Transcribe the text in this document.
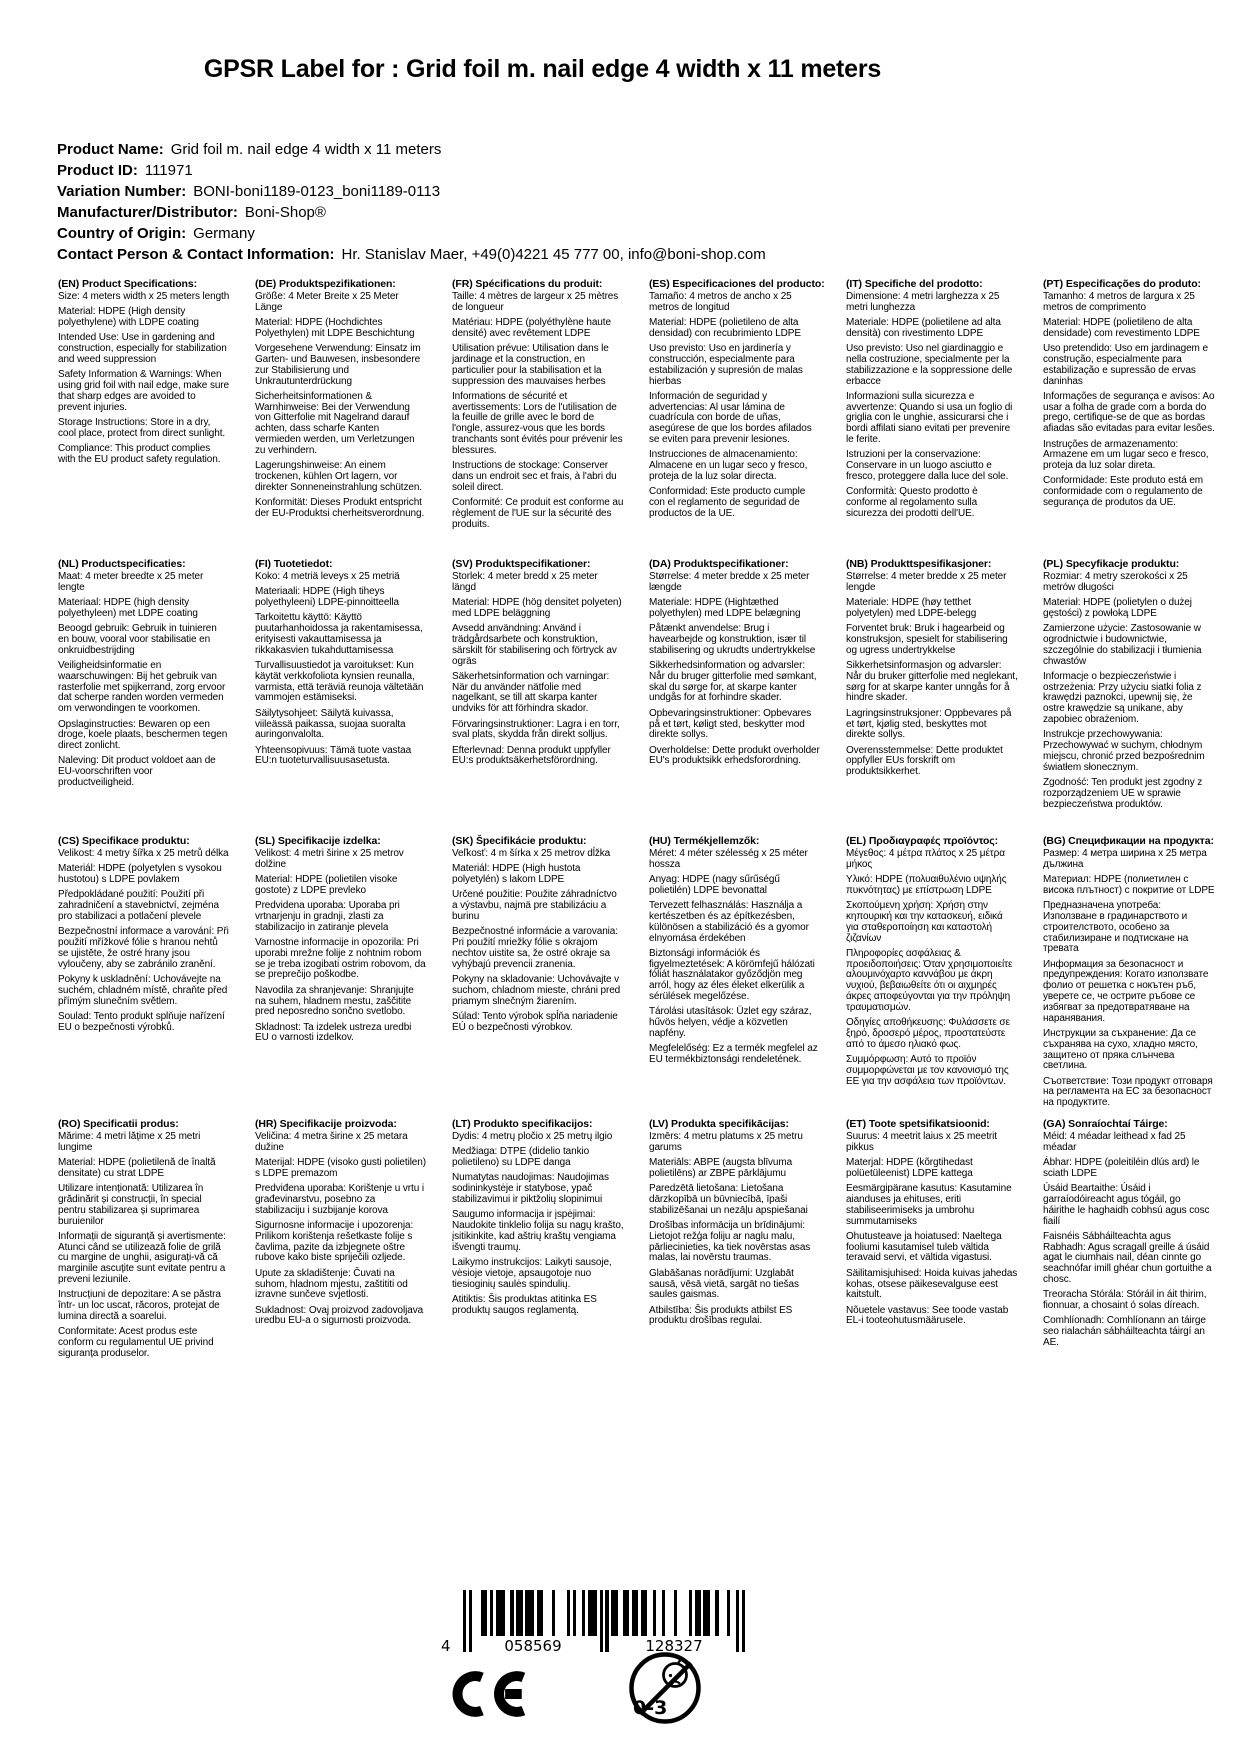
GPSR Label for : Grid foil m. nail edge 4 width x 11 meters
Product Name: Grid foil m. nail edge 4 width x 11 meters
Product ID: 111971
Variation Number: BONI-boni1189-0123_boni1189-0113
Manufacturer/Distributor: Boni-Shop®
Country of Origin: Germany
Contact Person & Contact Information: Hr. Stanislav Maer, +49(0)4221 45 777 00, info@boni-shop.com
(EN) Product Specifications:

Size: 4 meters width x 25 meters length

Material: HDPE (High density polyethylene) with LDPE coating

Intended Use: Use in gardening and construction, especially for stabilization and weed suppression

Safety Information & Warnings: When using grid foil with nail edge, make sure that sharp edges are avoided to prevent injuries.

Storage Instructions: Store in a dry, cool place, protect from direct sunlight.

Compliance: This product complies with the EU product safety regulation.

(DE) Produktspezifikationen:

Größe: 4 Meter Breite x 25 Meter Länge

Material: HDPE (Hochdichtes Polyethylen) mit LDPE Beschichtung

Vorgesehene Verwendung: Einsatz im Garten- und Bauwesen, insbesondere zur Stabilisierung und Unkrautunterdrückung

Sicherheitsinformationen & Warnhinweise: Bei der Verwendung von Gitterfolie mit Nagelrand darauf achten, dass scharfe Kanten vermieden werden, um Verletzungen zu verhindern.

Lagerungshinweise: An einem trockenen, kühlen Ort lagern, vor direkter Sonneneinstrahlung schützen.

Konformität: Dieses Produkt entspricht der EU-Produktsi cherheitsverordnung.

(FR) Spécifications du produit:

Taille: 4 mètres de largeur x 25 mètres de longueur

Matériau: HDPE (polyéthylène haute densité) avec revêtement LDPE

Utilisation prévue: Utilisation dans le jardinage et la construction, en particulier pour la stabilisation et la suppression des mauvaises herbes

Informations de sécurité et avertissements: Lors de l'utilisation de la feuille de grille avec le bord de l'ongle, assurez-vous que les bords tranchants sont évités pour prévenir les blessures.

Instructions de stockage: Conserver dans un endroit sec et frais, à l'abri du soleil direct.

Conformité: Ce produit est conforme au règlement de l'UE sur la sécurité des produits.

(ES) Especificaciones del producto:

Tamaño: 4 metros de ancho x 25 metros de longitud

Material: HDPE (polietileno de alta densidad) con recubrimiento LDPE

Uso previsto: Uso en jardinería y construcción, especialmente para estabilización y supresión de malas hierbas

Información de seguridad y advertencias: Al usar lámina de cuadrícula con borde de uñas, asegúrese de que los bordes afilados se eviten para prevenir lesiones.

Instrucciones de almacenamiento: Almacene en un lugar seco y fresco, proteja de la luz solar directa.

Conformidad: Este producto cumple con el reglamento de seguridad de productos de la UE.

(IT) Specifiche del prodotto:

Dimensione: 4 metri larghezza x 25 metri lunghezza

Materiale: HDPE (polietilene ad alta densità) con rivestimento LDPE

Uso previsto: Uso nel giardinaggio e nella costruzione, specialmente per la stabilizzazione e la soppressione delle erbacce

Informazioni sulla sicurezza e avvertenze: Quando si usa un foglio di griglia con le unghie, assicurarsi che i bordi affilati siano evitati per prevenire le ferite.

Istruzioni per la conservazione: Conservare in un luogo asciutto e fresco, proteggere dalla luce del sole.

Conformità: Questo prodotto è conforme al regolamento sulla sicurezza dei prodotti dell'UE.

(PT) Especificações do produto:

Tamanho: 4 metros de largura x 25 metros de comprimento

Material: HDPE (polietileno de alta densidade) com revestimento LDPE

Uso pretendido: Uso em jardinagem e construção, especialmente para estabilização e supressão de ervas daninhas

Informações de segurança e avisos: Ao usar a folha de grade com a borda do prego, certifique-se de que as bordas afiadas são evitadas para evitar lesões.

Instruções de armazenamento: Armazene em um lugar seco e fresco, proteja da luz solar direta.

Conformidade: Este produto está em conformidade com o regulamento de segurança de produtos da UE.

(NL) Productspecificaties:

Maat: 4 meter breedte x 25 meter lengte

Materiaal: HDPE (high density polyethyleen) met LDPE coating

Beoogd gebruik: Gebruik in tuinieren en bouw, vooral voor stabilisatie en onkruidbestrijding

Veiligheidsinformatie en waarschuwingen: Bij het gebruik van rasterfolie met spijkerrand, zorg ervoor dat scherpe randen worden vermeden om verwondingen te voorkomen.

Opslaginstructies: Bewaren op een droge, koele plaats, beschermen tegen direct zonlicht.

Naleving: Dit product voldoet aan de EU-voorschriften voor productveiligheid.

(FI) Tuotetiedot:

Koko: 4 metriä leveys x 25 metriä

Materiaali: HDPE (High tiheys polyethyleeni) LDPE-pinnoitteella

Tarkoitettu käyttö: Käyttö puutarhanhoidossa ja rakentamisessa, erityisesti vakauttamisessa ja rikkakasvien tukahduttamisessa

Turvallisuustiedot ja varoitukset: Kun käytät verkkofoliota kynsien reunalla, varmista, että teräviä reunoja vältetään vammojen estämiseksi.

Säilytysohjeet: Säilytä kuivassa, viileässä paikassa, suojaa suoralta auringonvalolta.

Yhteensopivuus: Tämä tuote vastaa EU:n tuoteturvallisuusasetusta.

(SV) Produktspecifikationer:

Storlek: 4 meter bredd x 25 meter längd

Material: HDPE (hög densitet polyeten) med LDPE beläggning

Avsedd användning: Använd i trädgårdsarbete och konstruktion, särskilt för stabilisering och förtryck av ogräs

Säkerhetsinformation och varningar: När du använder nätfolie med nagelkant, se till att skarpa kanter undviks för att förhindra skador.

Förvaringsinstruktioner: Lagra i en torr, sval plats, skydda från direkt solljus.

Efterlevnad: Denna produkt uppfyller EU:s produktsäkerhetsförordning.

(DA) Produktspecifikationer:

Størrelse: 4 meter bredde x 25 meter længde

Materiale: HDPE (Hightæthed polyethylen) med LDPE belægning

Påtænkt anvendelse: Brug i havearbejde og konstruktion, især til stabilisering og ukrudts undertrykkelse

Sikkerhedsinformation og advarsler: Når du bruger gitterfolie med sømkant, skal du sørge for, at skarpe kanter undgås for at forhindre skader.

Opbevaringsinstruktioner: Opbevares på et tørt, køligt sted, beskytter mod direkte sollys.

Overholdelse: Dette produkt overholder EU's produktsikk erhedsforordning.

(NB) Produkttspesifikasjoner:

Størrelse: 4 meter bredde x 25 meter lengde

Materiale: HDPE (høy tetthet polyetylen) med LDPE-belegg

Forventet bruk: Bruk i hagearbeid og konstruksjon, spesielt for stabilisering og ugress undertrykkelse

Sikkerhetsinformasjon og advarsler: Når du bruker gitterfolie med neglekant, sørg for at skarpe kanter unngås for å hindre skader.

Lagringsinstruksjoner: Oppbevares på et tørt, kjølig sted, beskyttes mot direkte sollys.

Overensstemmelse: Dette produktet oppfyller EUs forskrift om produktsikkerhet.

(PL) Specyfikacje produktu:

Rozmiar: 4 metry szerokości x 25 metrów długości

Materiał: HDPE (polietylen o dużej gęstości) z powłoką LDPE

Zamierzone użycie: Zastosowanie w ogrodnictwie i budownictwie, szczególnie do stabilizacji i tłumienia chwastów

Informacje o bezpieczeństwie i ostrzeżenia: Przy użyciu siatki folia z krawędzi paznokci, upewnij się, że ostre krawędzie są unikane, aby zapobiec obrażeniom.

Instrukcje przechowywania: Przechowywać w suchym, chłodnym miejscu, chronić przed bezpośrednim światłem słonecznym.

Zgodność: Ten produkt jest zgodny z rozporządzeniem UE w sprawie bezpieczeństwa produktów.

(CS) Specifikace produktu:

Velikost: 4 metry šířka x 25 metrů délka

Materiál: HDPE (polyetylen s vysokou hustotou) s LDPE povlakem

Předpokládané použití: Použití při zahradničení a stavebnictví, zejména pro stabilizaci a potlačení plevele

Bezpečnostní informace a varování: Při použití mřížkové fólie s hranou nehtů se ujistěte, že ostré hrany jsou vyloučeny, aby se zabránilo zranění.

Pokyny k uskladnění: Uchovávejte na suchém, chladném místě, chraňte před přímým slunečním světlem.

Soulad: Tento produkt splňuje nařízení EU o bezpečnosti výrobků.

(SL) Specifikacije izdelka:

Velikost: 4 metri širine x 25 metrov dolžine

Material: HDPE (polietilen visoke gostote) z LDPE prevleko

Predvidena uporaba: Uporaba pri vrtnarjenju in gradnji, zlasti za stabilizacijo in zatiranje plevela

Varnostne informacije in opozorila: Pri uporabi mrežne folije z nohtnim robom se je treba izogibati ostrim robovom, da se preprečijo poškodbe.

Navodila za shranjevanje: Shranjujte na suhem, hladnem mestu, zaščitite pred neposredno sončno svetlobo.

Skladnost: Ta izdelek ustreza uredbi EU o varnosti izdelkov.

(SK) Špecifikácie produktu:

Veľkosť: 4 m šírka x 25 metrov dĺžka

Materiál: HDPE (High hustota polyetylén) s lakom LDPE

Určené použitie: Použite záhradníctvo a výstavbu, najmä pre stabilizáciu a burinu

Bezpečnostné informácie a varovania: Pri použití mriežky fólie s okrajom nechtov uistite sa, že ostré okraje sa vyhýbajú prevencii zranenia.

Pokyny na skladovanie: Uchovávajte v suchom, chladnom mieste, chráni pred priamym slnečným žiarením.

Súlad: Tento výrobok spĺňa nariadenie EÚ o bezpečnosti výrobkov.

(HU) Termékjellemzők:

Méret: 4 méter szélesség x 25 méter hossza

Anyag: HDPE (nagy sűrűségű polietilén) LDPE bevonattal

Tervezett felhasználás: Használja a kertészetben és az építkezésben, különösen a stabilizáció és a gyomor elnyomása érdekében

Biztonsági információk és figyelmeztetések: A körömfejű hálózati fóliát használatakor győződjön meg arról, hogy az éles éleket elkerülik a sérülések megelőzése.

Tárolási utasítások: Üzlet egy száraz, hűvös helyen, védje a közvetlen napfény.

Megfelelőség: Ez a termék megfelel az EU termékbiztonsági rendeletének.

(EL) Προδιαγραφές προϊόντος:

Μέγεθος: 4 μέτρα πλάτος x 25 μέτρα μήκος

Υλικό: HDPE (πολυαιθυλένιο υψηλής πυκνότητας) με επίστρωση LDPE

Σκοπούμενη χρήση: Χρήση στην κηπουρική και την κατασκευή, ειδικά για σταθεροποίηση και καταστολή ζιζανίων

Πληροφορίες ασφάλειας & προειδοποιήσεις: Όταν χρησιμοποιείτε αλουμινόχαρτο καννάβου με άκρη νυχιού, βεβαιωθείτε ότι οι αιχμηρές άκρες αποφεύγονται για την πρόληψη τραυματισμών.

Οδηγίες αποθήκευσης: Φυλάσσετε σε ξηρό, δροσερό μέρος, προστατεύστε από το άμεσο ηλιακό φως.

Συμμόρφωση: Αυτό το προϊόν συμμορφώνεται με τον κανονισμό της ΕΕ για την ασφάλεια των προϊόντων.

(BG) Спецификации на продукта:

Размер: 4 метра ширина x 25 метра дължина

Материал: HDPE (полиетилен с висока плътност) с покритие от LDPE

Предназначена употреба: Използване в градинарството и строителството, особено за стабилизиране и подтискане на тревата

Информация за безопасност и предупреждения: Когато използвате фолио от решетка с нокътен ръб, уверете се, че острите ръбове се избягват за предотвратяване на наранявания.

Инструкции за съхранение: Да се съхранява на сухо, хладно място, защитено от пряка слънчева светлина.

Съответствие: Този продукт отговаря на регламента на ЕС за безопасност на продуктите.

(RO) Specificatii produs:

Mărime: 4 metri lățime x 25 metri lungime

Material: HDPE (polietilenă de înaltă densitate) cu strat LDPE

Utilizare intenționată: Utilizarea în grădinărit și construcții, în special pentru stabilizarea și suprimarea buruienilor

Informații de siguranță și avertismente: Atunci când se utilizează folie de grilă cu margine de unghii, asigurați-vă că marginile ascuțite sunt evitate pentru a preveni leziunile.

Instrucțiuni de depozitare: A se păstra într- un loc uscat, răcoros, protejat de lumina directă a soarelui.

Conformitate: Acest produs este conform cu regulamentul UE privind siguranța produselor.

(HR) Specifikacije proizvoda:

Veličina: 4 metra širine x 25 metara dužine

Materijal: HDPE (visoko gusti polietilen) s LDPE premazom

Predviđena uporaba: Korištenje u vrtu i građevinarstvu, posebno za stabilizaciju i suzbijanje korova

Sigurnosne informacije i upozorenja: Prilikom korištenja rešetkaste folije s čavlima, pazite da izbjegnete oštre rubove kako biste spriječili ozljede.

Upute za skladištenje: Čuvati na suhom, hladnom mjestu, zaštititi od izravne sunčeve svjetlosti.

Sukladnost: Ovaj proizvod zadovoljava uredbu EU-a o sigurnosti proizvoda.

(LT) Produkto specifikacijos:

Dydis: 4 metrų pločio x 25 metrų ilgio

Medžiaga: DTPE (didelio tankio polietileno) su LDPE danga

Numatytas naudojimas: Naudojimas sodininkystėje ir statybose, ypač stabilizavimui ir piktžolių slopinimui

Saugumo informacija ir įspėjimai: Naudokite tinklelio folija su nagų krašto, įsitikinkite, kad aštrių kraštų vengiama išvengti traumų.

Laikymo instrukcijos: Laikyti sausoje, vėsioje vietoje, apsaugotoje nuo tiesioginių saulės spindulių.

Atitiktis: Šis produktas atitinka ES produktų saugos reglamentą.

(LV) Produkta specifikācijas:

Izmērs: 4 metru platums x 25 metru garums

Materiāls: ABPE (augsta blīvuma polietilēns) ar ZBPE pārklājumu

Paredzētā lietošana: Lietošana dārzkopībā un būvniecībā, īpaši stabilizēšanai un nezāļu apspiešanai

Drošības informācija un brīdinājumi: Lietojot režģa foliju ar naglu malu, pārliecinieties, ka tiek novērstas asas malas, lai novērstu traumas.

Glabāšanas norādījumi: Uzglabāt sausā, vēsā vietā, sargāt no tiešas saules gaismas.

Atbilstība: Šis produkts atbilst ES produktu drošības regulai.

(ET) Toote spetsifikatsioonid:

Suurus: 4 meetrit laius x 25 meetrit pikkus

Materjal: HDPE (kõrgtihedast polüetüleenist) LDPE kattega

Eesmärgipärane kasutus: Kasutamine aianduses ja ehituses, eriti stabiliseerimiseks ja umbrohu summutamiseks

Ohutusteave ja hoiatused: Naeltega fooliumi kasutamisel tuleb vältida teravaid servi, et vältida vigastusi.

Säilitamisjuhised: Hoida kuivas jahedas kohas, otsese päikesevalguse eest kaitstult.

Nõuetele vastavus: See toode vastab EL-i tooteohutusmäärusele.

(GA) Sonraíochtaí Táirge:

Méid: 4 méadar leithead x fad 25 méadar

Ábhar: HDPE (poleitiléin dlús ard) le sciath LDPE

Úsáid Beartaithe: Úsáid i garraíodóireacht agus tógáil, go háirithe le haghaidh cobhsú agus cosc fiailí

Faisnéis Sábháilteachta agus Rabhadh: Agus scragall greille á úsáid agat le ciumhais nail, déan cinnte go seachnófar imill ghéar chun gortuithe a chosc.

Treoracha Stórála: Stóráil in áit thirim, fionnuar, a chosaint ó solas díreach.

Comhlíonadh: Comhlíonann an táirge seo rialachán sábháilteachta táirgí an AE.

4	058569	128327
0-3
